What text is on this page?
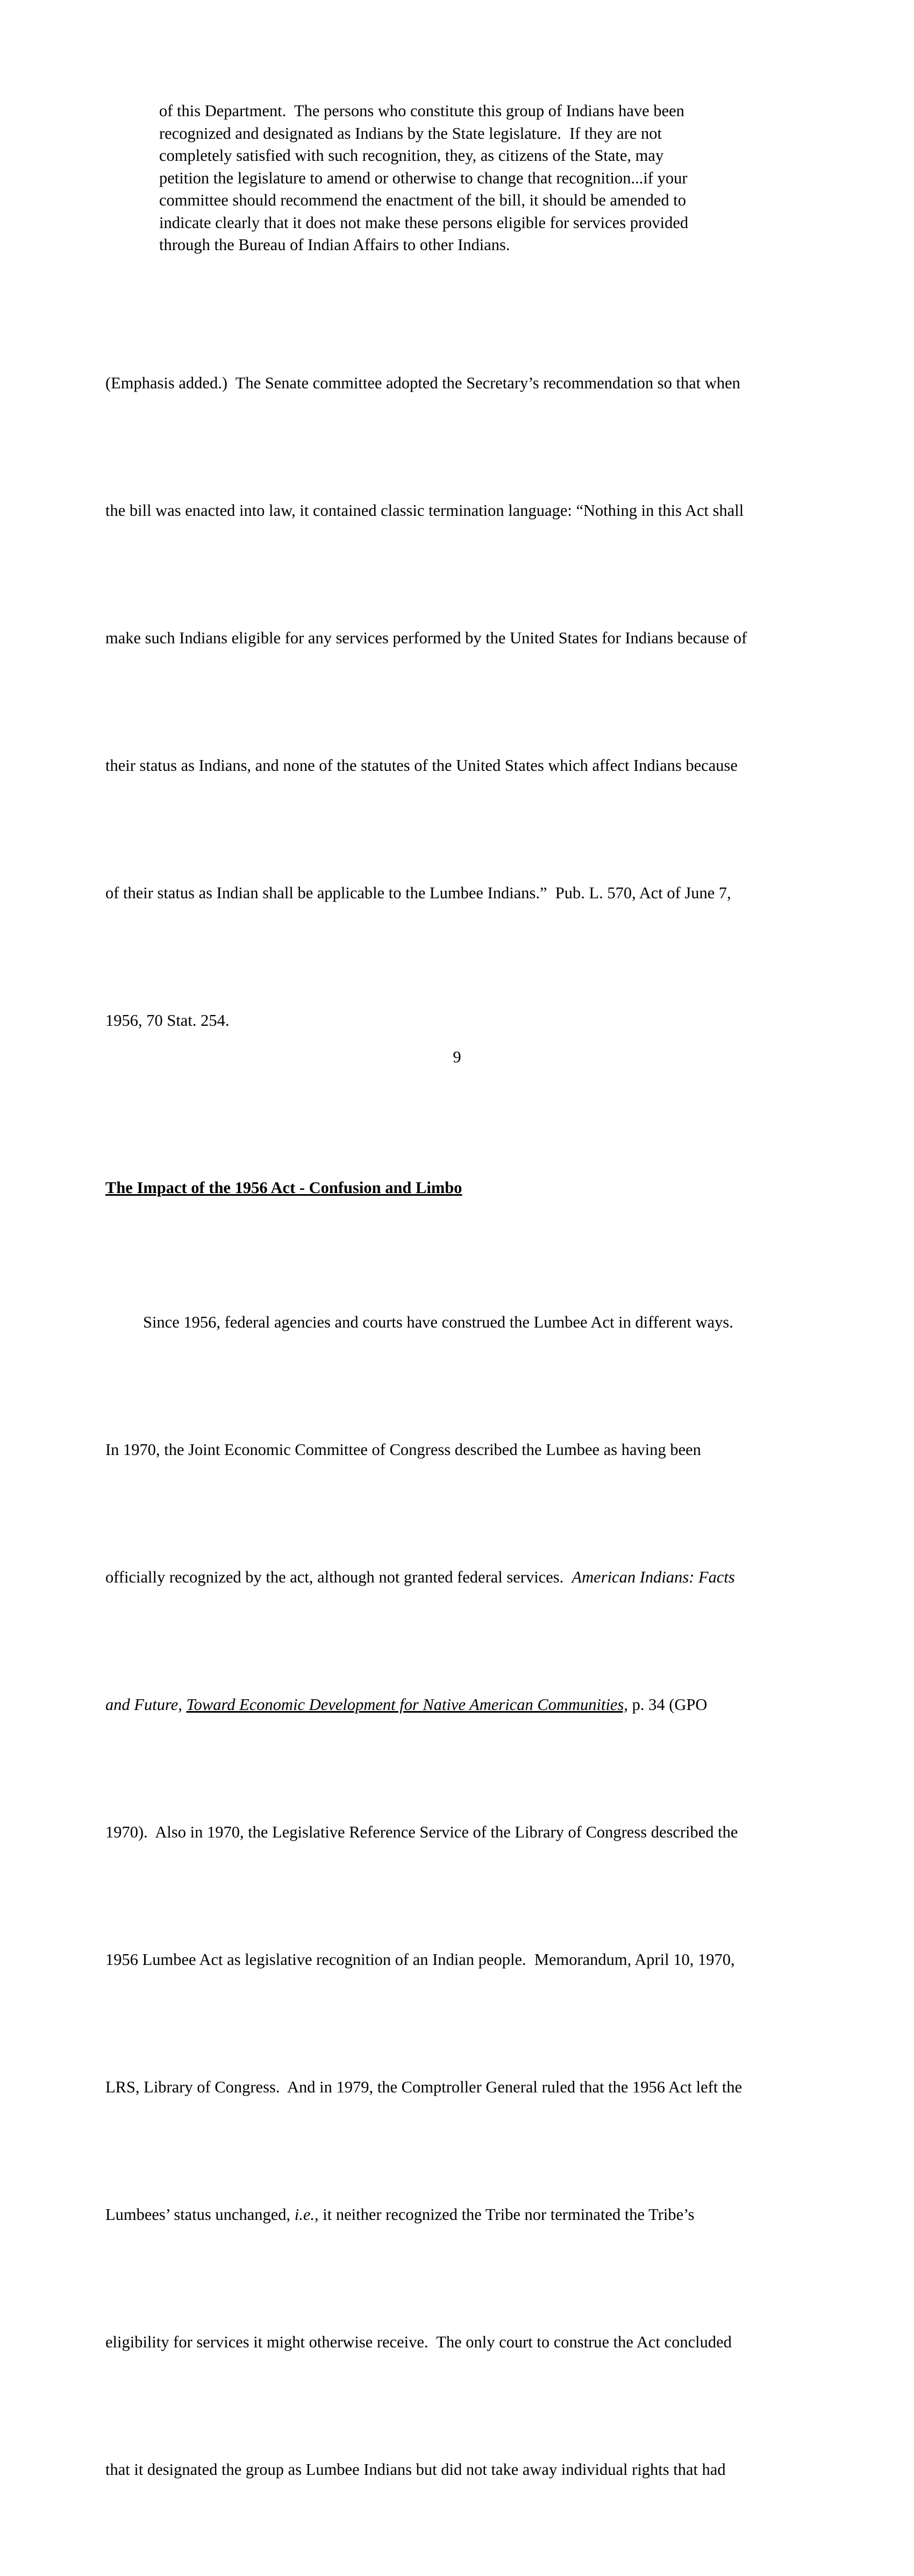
of this Department.  The persons who constitute this group of Indians have been
recognized and designated as Indians by the State legislature.  If they are not
completely satisfied with such recognition, they, as citizens of the State, may
petition the legislature to amend or otherwise to change that recognition...if your
committee should recommend the enactment of the bill, it should be amended to
indicate clearly that it does not make these persons eligible for services provided
through the Bureau of Indian Affairs to other Indians.

(Emphasis added.)  The Senate committee adopted the Secretary’s recommendation so that when

the bill was enacted into law, it contained classic termination language: “Nothing in this Act shall

make such Indians eligible for any services performed by the United States for Indians because of

their status as Indians, and none of the statutes of the United States which affect Indians because

of their status as Indian shall be applicable to the Lumbee Indians.”  Pub. L. 570, Act of June 7,

1956, 70 Stat. 254.

The Impact of the 1956 Act - Confusion and Limbo

Since 1956, federal agencies and courts have construed the Lumbee Act in different ways.

In 1970, the Joint Economic Committee of Congress described the Lumbee as having been

officially recognized by the act, although not granted federal services.  American Indians: Facts

and Future, Toward Economic Development for Native American Communities, p. 34 (GPO

1970).  Also in 1970, the Legislative Reference Service of the Library of Congress described the

1956 Lumbee Act as legislative recognition of an Indian people.  Memorandum, April 10, 1970,

LRS, Library of Congress.  And in 1979, the Comptroller General ruled that the 1956 Act left the

Lumbees’ status unchanged, i.e., it neither recognized the Tribe nor terminated the Tribe’s

eligibility for services it might otherwise receive.  The only court to construe the Act concluded

that it designated the group as Lumbee Indians but did not take away individual rights that had

9
